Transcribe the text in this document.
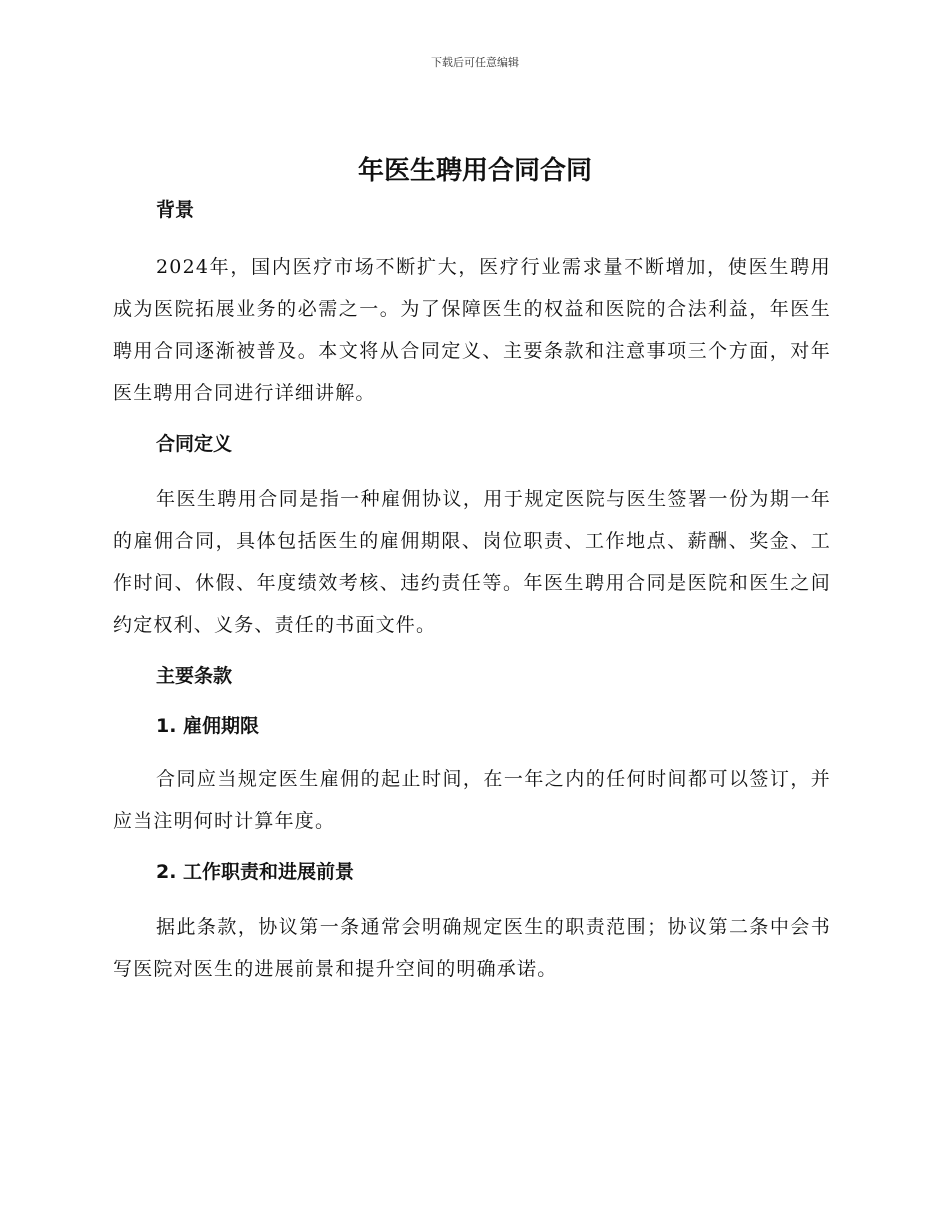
下载后可任意编辑
年医生聘用合同合同
背景

2024年，国内医疗市场不断扩大，医疗行业需求量不断增加，使医生聘用成为医院拓展业务的必需之一。为了保障医生的权益和医院的合法利益，年医生聘用合同逐渐被普及。本文将从合同定义、主要条款和注意事项三个方面，对年医生聘用合同进行详细讲解。

合同定义

年医生聘用合同是指一种雇佣协议，用于规定医院与医生签署一份为期一年的雇佣合同，具体包括医生的雇佣期限、岗位职责、工作地点、薪酬、奖金、工作时间、休假、年度绩效考核、违约责任等。年医生聘用合同是医院和医生之间约定权利、义务、责任的书面文件。

主要条款
1. 雇佣期限

合同应当规定医生雇佣的起止时间，在一年之内的任何时间都可以签订，并应当注明何时计算年度。

2. 工作职责和进展前景

据此条款，协议第一条通常会明确规定医生的职责范围；协议第二条中会书写医院对医生的进展前景和提升空间的明确承诺。
